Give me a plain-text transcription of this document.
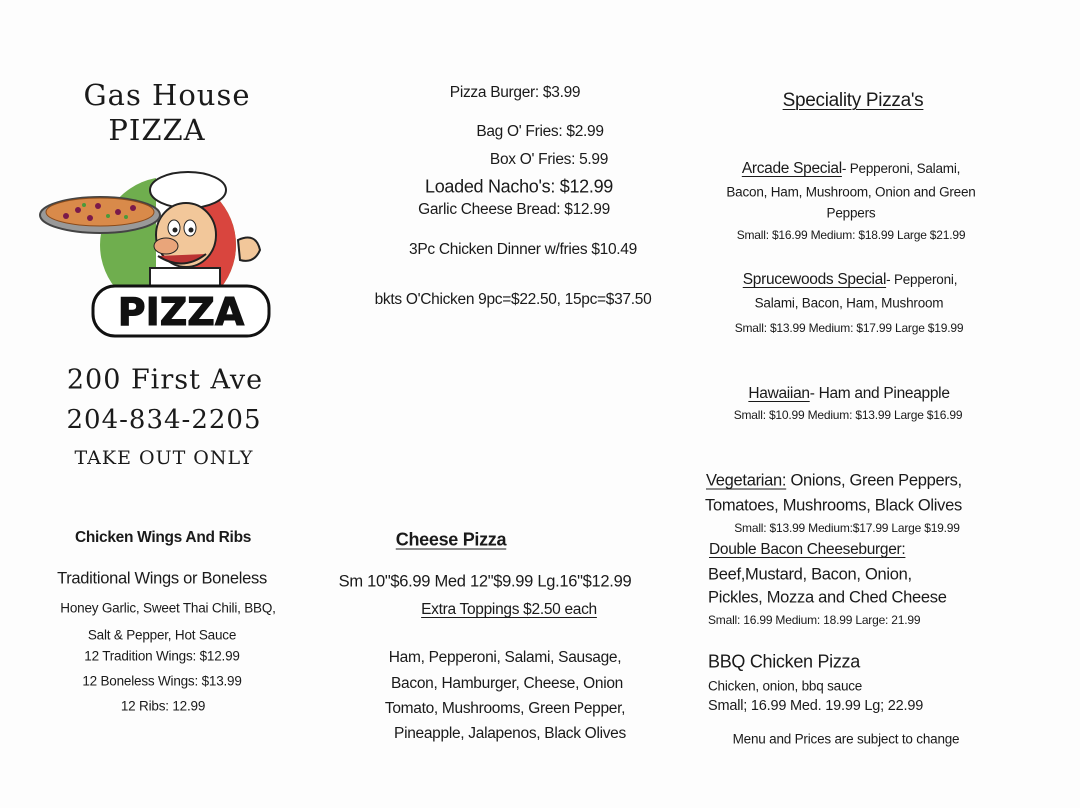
Gas House
PIZZA
PIZZA
200 First Ave
204-834-2205
TAKE OUT ONLY
Chicken Wings And Ribs
Traditional Wings or Boneless
Honey Garlic, Sweet Thai Chili, BBQ,
Salt & Pepper, Hot Sauce
12 Tradition Wings: $12.99
12 Boneless Wings: $13.99
12 Ribs: 12.99
Pizza Burger: $3.99
Bag O' Fries: $2.99
Box O' Fries: 5.99
Loaded Nacho's: $12.99
Garlic Cheese Bread: $12.99
3Pc Chicken Dinner w/fries $10.49
bkts O'Chicken 9pc=$22.50, 15pc=$37.50
Cheese Pizza
Sm 10"$6.99 Med 12"$9.99 Lg.16"$12.99
Extra Toppings $2.50 each
Ham, Pepperoni, Salami, Sausage,
Bacon, Hamburger, Cheese, Onion
Tomato, Mushrooms, Green Pepper,
Pineapple, Jalapenos, Black Olives
Speciality Pizza's
Arcade Special- Pepperoni, Salami,
Bacon, Ham, Mushroom, Onion and Green
Peppers
Small: $16.99 Medium: $18.99 Large $21.99
Sprucewoods Special- Pepperoni,
Salami, Bacon, Ham, Mushroom
Small: $13.99 Medium: $17.99 Large $19.99
Hawaiian- Ham and Pineapple
Small: $10.99 Medium: $13.99 Large $16.99
Vegetarian: Onions, Green Peppers,
Tomatoes, Mushrooms, Black Olives
Small: $13.99 Medium:$17.99 Large $19.99
Double Bacon Cheeseburger:
Beef,Mustard, Bacon, Onion,
Pickles, Mozza and Ched Cheese
Small: 16.99 Medium: 18.99 Large: 21.99
BBQ Chicken Pizza
Chicken, onion, bbq sauce
Small; 16.99 Med. 19.99 Lg; 22.99
Menu and Prices are subject to change
